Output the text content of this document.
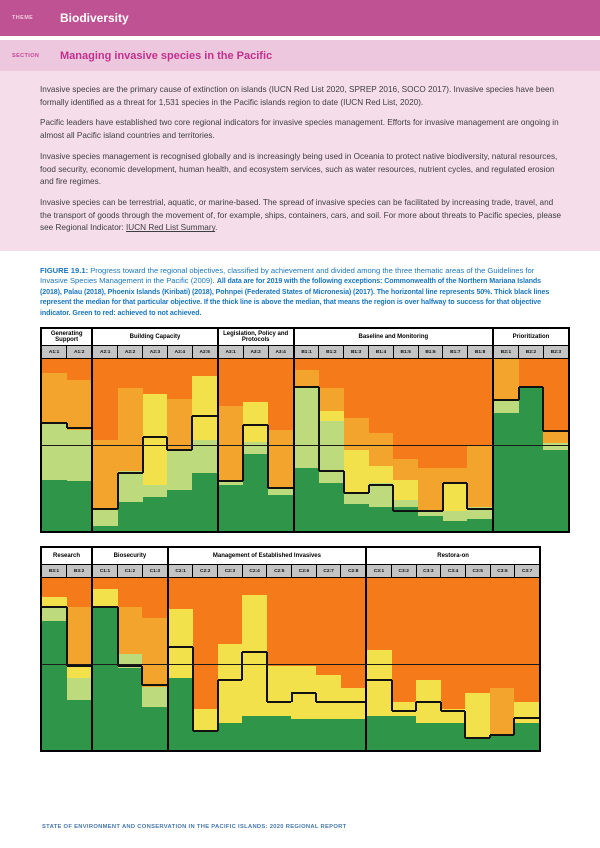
THEME	Biodiversity
SECTION	Managing invasive species in the Pacific

Invasive species are the primary cause of extinction on islands (IUCN Red List 2020, SPREP 2016, SOCO 2017). Invasive species have been formally identified as a threat for 1,531 species in the Pacific islands region to date (IUCN Red List, 2020).

Pacific leaders have established two core regional indicators for invasive species management. Efforts for invasive management are ongoing in almost all Pacific island countries and territories.

Invasive species management is recognised globally and is increasingly being used in Oceania to protect native biodiversity, natural resources, food security, economic development, human health, and ecosystem services, such as water resources, nutrient cycles, and regulated erosion and fire regimes.

Invasive species can be terrestrial, aquatic, or marine-based. The spread of invasive species can be facilitated by increasing trade, travel, and the transport of goods through the movement of, for example, ships, containers, cars, and soil. For more about threats to Pacific species, please see Regional Indicator: IUCN Red List Summary.

FIGURE 19.1: Progress toward the regional objectives, classified by achievement and divided among the three thematic areas of the Guidelines for Invasive Species Management in the Pacific (2009). All data are for 2019 with the following exceptions: Commonwealth of the Northern Mariana Islands (2018), Palau (2018), Phoenix Islands (Kiribati) (2018), Pohnpei (Federated States of Micronesia) (2017). The horizontal line represents 50%. Thick black lines represent the median for that particular objective. If the thick line is above the median, that means the region is over halfway to success for that objective indicator. Green to red: achieved to not achieved.

Generating Support
A1:1	A1:2
Building Capacity
A2:1	A2:2	A2:3	A2:4	A2:5
Legislation, Policy and Protocols
A3:1	A3:2	A3:4
Baseline and Monitoring
B1:1	B1:2	B1:3	B1:4	B1:5	B1:6	B1:7	B1:8
Prioritization
B2:1	B2:2	B2:3
Research
B3:1	B3:2
Biosecurity
C1:1	C1:2	C1:3
Management of Established Invasives
C2:1	C2:2	C2:3	C2:4	C2:5	C2:6	C2:7	C2:8
Restora-on
C3:1	C3:2	C3:3	C3:4	C3:5	C3:6	C3:7
STATE OF ENVIRONMENT AND CONSERVATION IN THE PACIFIC ISLANDS: 2020 REGIONAL REPORT
